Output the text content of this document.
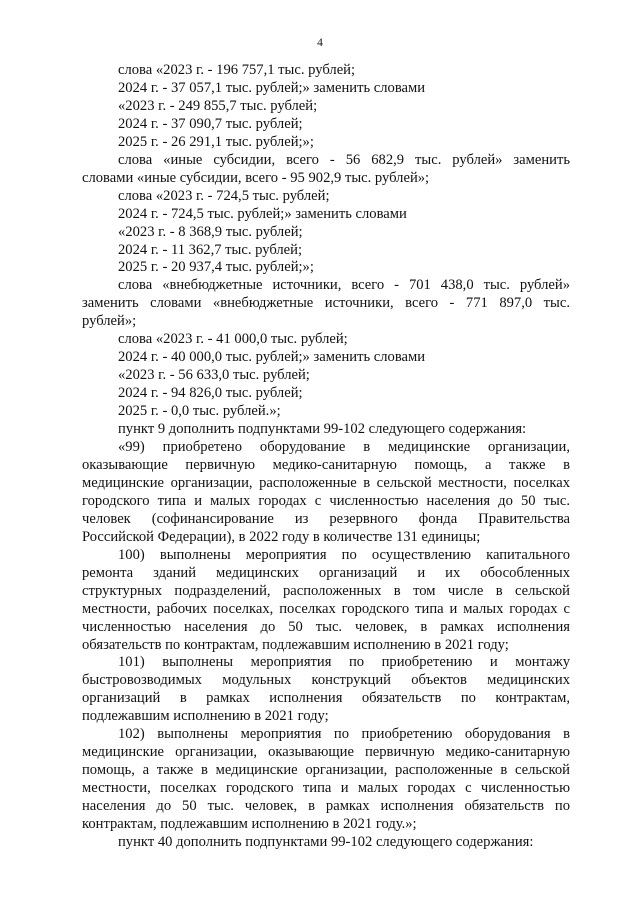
4
слова «2023 г. - 196 757,1 тыс. рублей;
2024 г. - 37 057,1 тыс. рублей;» заменить словами
«2023 г. - 249 855,7 тыс. рублей;
2024 г. - 37 090,7 тыс. рублей;
2025 г. - 26 291,1 тыс. рублей;»;
слова «иные субсидии, всего - 56 682,9 тыс. рублей» заменить
словами «иные субсидии, всего - 95 902,9 тыс. рублей»;
слова «2023 г. - 724,5 тыс. рублей;
2024 г. - 724,5 тыс. рублей;» заменить словами
«2023 г. - 8 368,9 тыс. рублей;
2024 г. - 11 362,7 тыс. рублей;
2025 г. - 20 937,4 тыс. рублей;»;
слова «внебюджетные источники, всего - 701 438,0 тыс. рублей»
заменить словами «внебюджетные источники, всего - 771 897,0 тыс.
рублей»;
слова «2023 г. - 41 000,0 тыс. рублей;
2024 г. - 40 000,0 тыс. рублей;» заменить словами
«2023 г. - 56 633,0 тыс. рублей;
2024 г. - 94 826,0 тыс. рублей;
2025 г. - 0,0 тыс. рублей.»;
пункт 9 дополнить подпунктами 99-102 следующего содержания:
«99) приобретено оборудование в медицинские организации,
оказывающие первичную медико-санитарную помощь, а также в
медицинские организации, расположенные в сельской местности, поселках
городского типа и малых городах с численностью населения до 50 тыс.
человек (софинансирование из резервного фонда Правительства
Российской Федерации), в 2022 году в количестве 131 единицы;
100) выполнены мероприятия по осуществлению капитального
ремонта зданий медицинских организаций и их обособленных
структурных подразделений, расположенных в том числе в сельской
местности, рабочих поселках, поселках городского типа и малых городах с
численностью населения до 50 тыс. человек, в рамках исполнения
обязательств по контрактам, подлежавшим исполнению в 2021 году;
101) выполнены мероприятия по приобретению и монтажу
быстровозводимых модульных конструкций объектов медицинских
организаций в рамках исполнения обязательств по контрактам,
подлежавшим исполнению в 2021 году;
102) выполнены мероприятия по приобретению оборудования в
медицинские организации, оказывающие первичную медико-санитарную
помощь, а также в медицинские организации, расположенные в сельской
местности, поселках городского типа и малых городах с численностью
населения до 50 тыс. человек, в рамках исполнения обязательств по
контрактам, подлежавшим исполнению в 2021 году.»;
пункт 40 дополнить подпунктами 99-102 следующего содержания:
